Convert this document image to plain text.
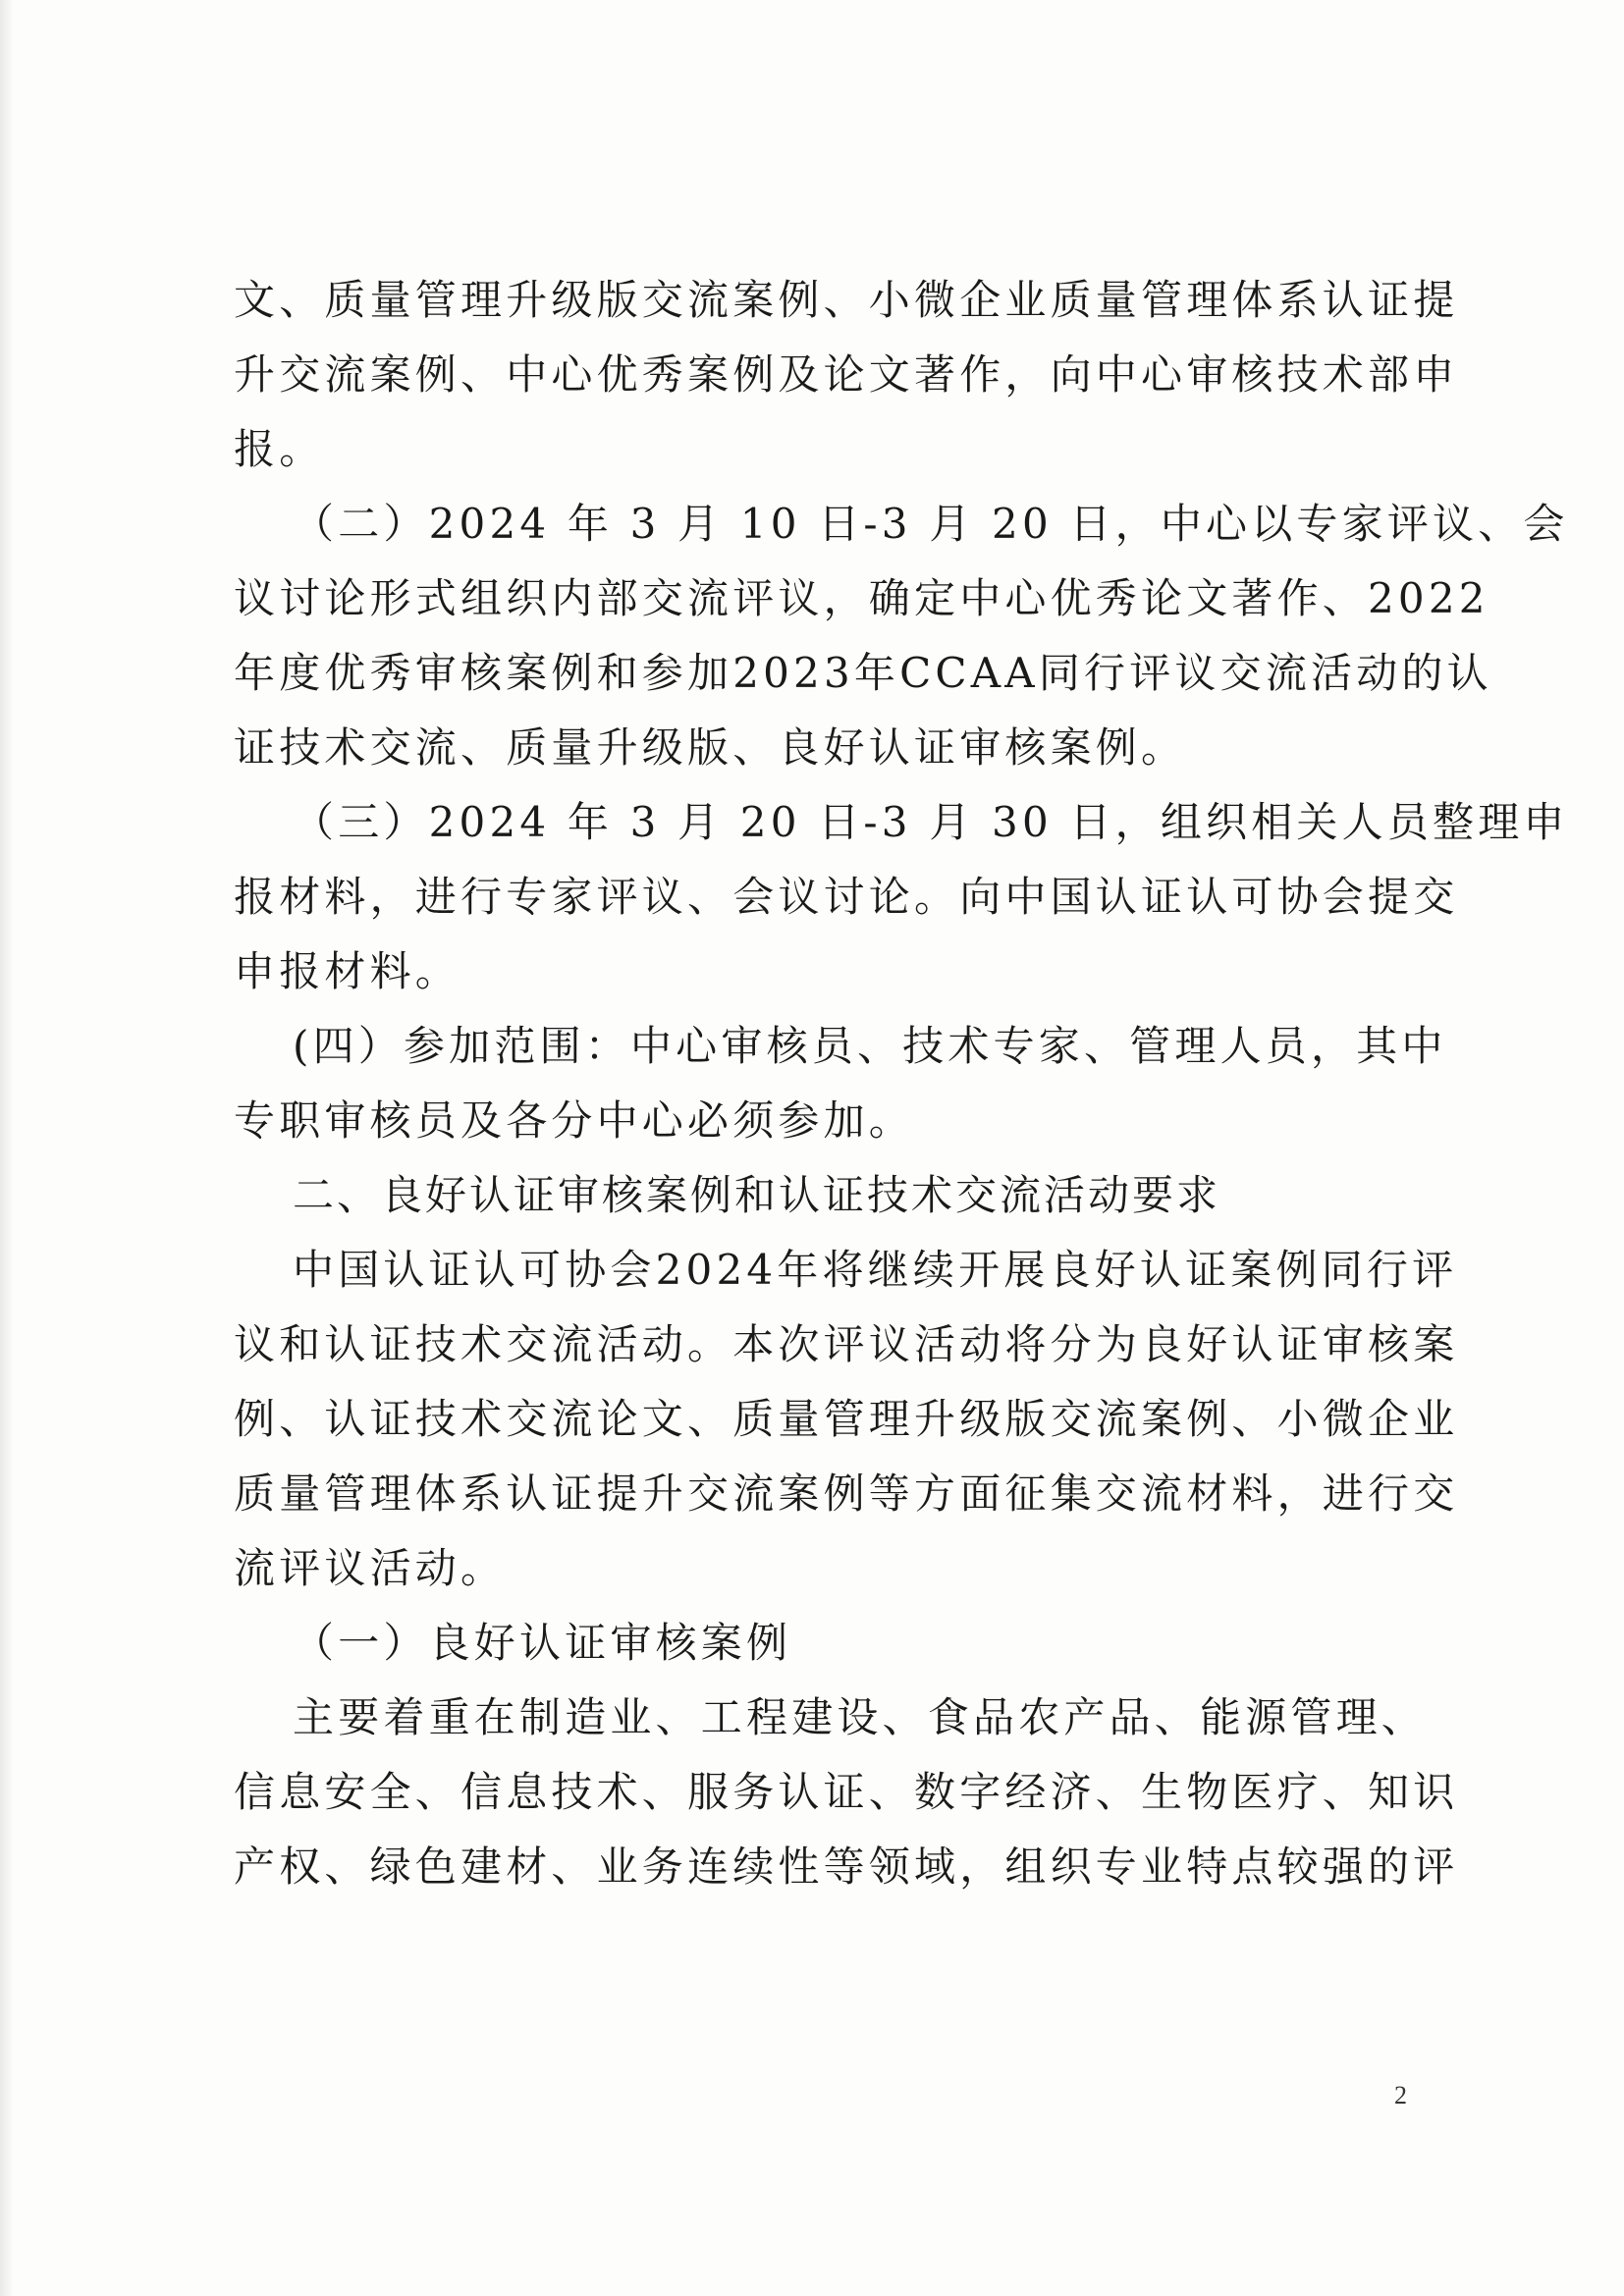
文、质量管理升级版交流案例、小微企业质量管理体系认证提
升交流案例、中心优秀案例及论文著作，向中心审核技术部申
报。
（二）2024 年 3 月 10 日-3 月 20 日，中心以专家评议、会
议讨论形式组织内部交流评议，确定中心优秀论文著作、2022
年度优秀审核案例和参加2023年CCAA同行评议交流活动的认
证技术交流、质量升级版、良好认证审核案例。
（三）2024 年 3 月 20 日-3 月 30 日，组织相关人员整理申
报材料，进行专家评议、会议讨论。向中国认证认可协会提交
申报材料。
(四）参加范围：中心审核员、技术专家、管理人员，其中
专职审核员及各分中心必须参加。
二、良好认证审核案例和认证技术交流活动要求
中国认证认可协会2024年将继续开展良好认证案例同行评
议和认证技术交流活动。本次评议活动将分为良好认证审核案
例、认证技术交流论文、质量管理升级版交流案例、小微企业
质量管理体系认证提升交流案例等方面征集交流材料，进行交
流评议活动。
（一）良好认证审核案例
主要着重在制造业、工程建设、食品农产品、能源管理、
信息安全、信息技术、服务认证、数字经济、生物医疗、知识
产权、绿色建材、业务连续性等领域，组织专业特点较强的评
2
